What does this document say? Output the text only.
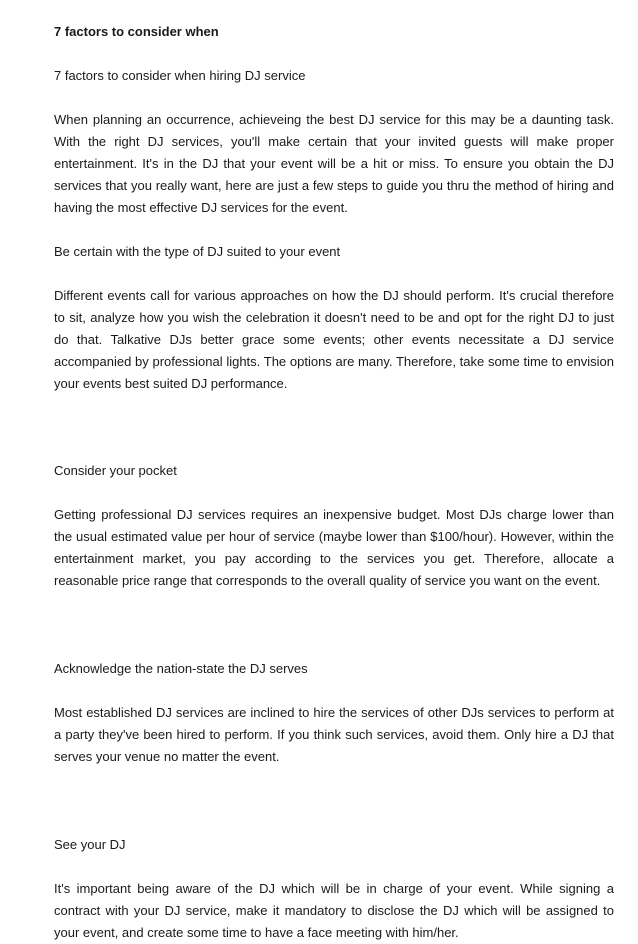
7 factors to consider when
7 factors to consider when hiring DJ service
When planning an occurrence, achieveing the best DJ service for this may be a daunting task. With the right DJ services, you'll make certain that your invited guests will make proper entertainment. It's in the DJ that your event will be a hit or miss. To ensure you obtain the DJ services that you really want, here are just a few steps to guide you thru the method of hiring and having the most effective DJ services for the event.
Be certain with the type of DJ suited to your event
Different events call for various approaches on how the DJ should perform. It's crucial therefore to sit, analyze how you wish the celebration it doesn't need to be and opt for the right DJ to just do that. Talkative DJs better grace some events; other events necessitate a DJ service accompanied by professional lights. The options are many. Therefore, take some time to envision your events best suited DJ performance.
Consider your pocket
Getting professional DJ services requires an inexpensive budget. Most DJs charge lower than the usual estimated value per hour of service (maybe lower than $100/hour). However, within the entertainment market, you pay according to the services you get. Therefore, allocate a reasonable price range that corresponds to the overall quality of service you want on the event.
Acknowledge the nation-state the DJ serves
Most established DJ services are inclined to hire the services of other DJs services to perform at a party they've been hired to perform. If you think such services, avoid them. Only hire a DJ that serves your venue no matter the event.
See your DJ
It's important being aware of the DJ which will be in charge of your event. While signing a contract with your DJ service, make it mandatory to disclose the DJ which will be assigned to your event, and create some time to have a face meeting with him/her.
